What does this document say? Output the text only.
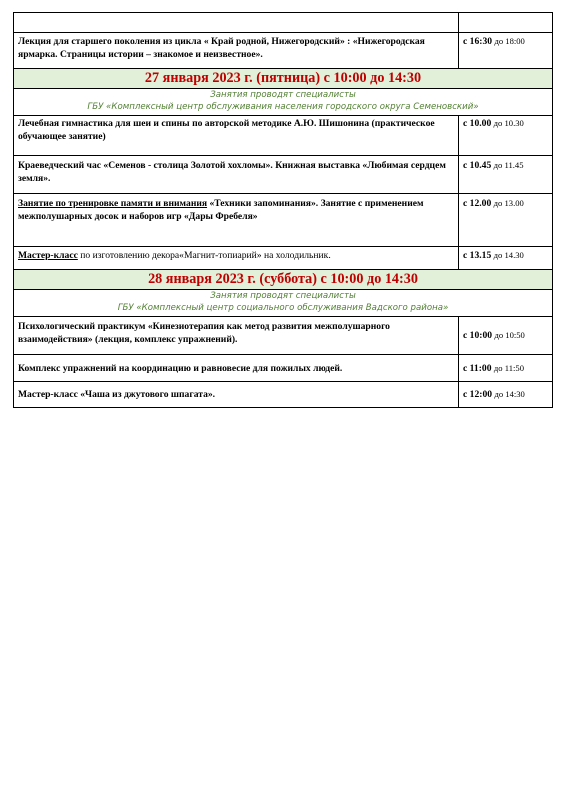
Лекция для старшего поколения из цикла « Край родной, Нижегородский» : «Нижегородская ярмарка. Страницы истории – знакомое и неизвестное».	с 16:30 до 18:00
27 января 2023 г. (пятница) с 10:00 до 14:30	

Занятия проводят специалисты
ГБУ «Комплексный центр обслуживания населения городского округа Семеновский»	

Лечебная гимнастика для шеи и спины по авторской методике А.Ю. Шишонина (практическое обучающее занятие)	с 10.00 до 10.30
Краеведческий час «Семенов - столица Золотой хохломы». Книжная выставка «Любимая сердцем земля».	с 10.45 до 11.45
Занятие по тренировке памяти и внимания «Техники запоминания». Занятие с применением межполушарных досок и наборов игр «Дары Фребеля»	с 12.00 до 13.00
Мастер-класс по изготовлению декора«Магнит-топиарий» на холодильник.	с 13.15 до 14.30
28 января 2023 г. (суббота) с 10:00 до 14:30	

Занятия проводят специалисты
ГБУ «Комплексный центр социального обслуживания Вадского района»	

Психологический практикум «Кинезиотерапия как метод развития межполушарного взаимодействия» (лекция, комплекс упражнений).	с 10:00 до 10:50
Комплекс упражнений на координацию и равновесие для пожилых людей.	с 11:00 до 11:50
Мастер-класс «Чаша из джутового шпагата».	с 12:00 до 14:30
